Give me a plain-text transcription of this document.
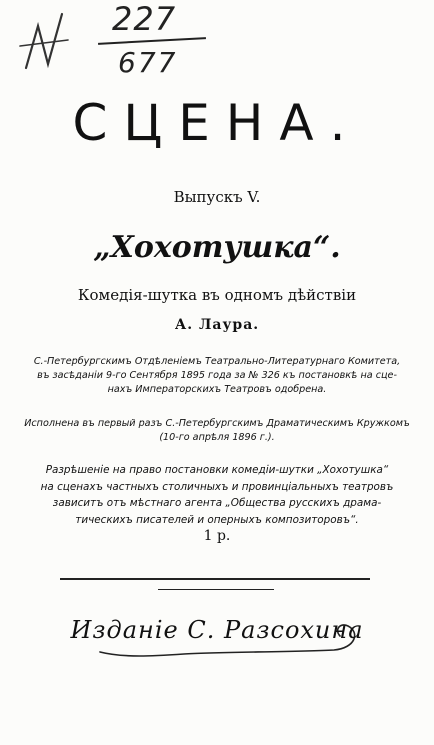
227
677
СЦЕНА.
Выпускъ V.
„Хохотушка“.
Комедія-шутка въ одномъ дѣйствіи
А. Лаура.
С.-Петербургскимъ Отдѣленіемъ Театрально-Литературнаго Комитета,
въ засѣданіи 9-го Сентября 1895 года за № 326 къ постановкѣ на сце-
нахъ Императорскихъ Театровъ одобрена.
Исполнена въ первый разъ С.-Петербургскимъ Драматическимъ Кружкомъ
(10-го апрѣля 1896 г.).
Разрѣшеніе на право постановки комедіи-шутки „Хохотушка“
на сценахъ частныхъ столичныхъ и провинціальныхъ театровъ
зависитъ отъ мѣстнаго агента „Общества русскихъ драма-
тическихъ писателей и оперныхъ композиторовъ“.
1 р.
Изданіе С. Разсохина
